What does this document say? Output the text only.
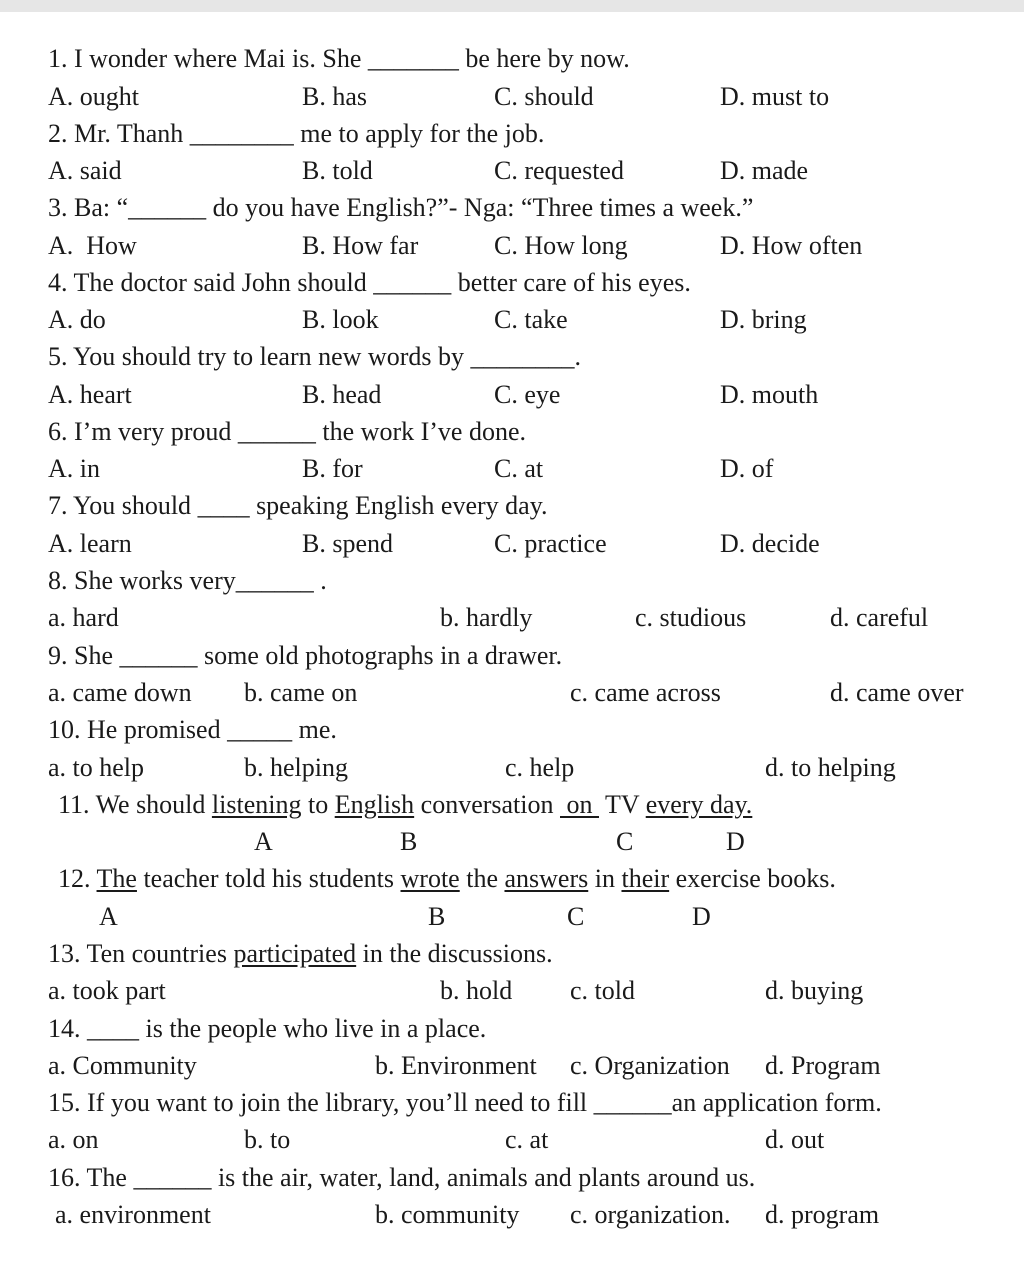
1. I wonder where Mai is. She _______ be here by now.
A. ought	B. has	C. should	D. must to
2. Mr. Thanh ________ me to apply for the job.
A. said	B. told	C. requested	D. made
3. Ba: “______ do you have English?”- Nga: “Three times a week.”
A.  How	B. How far	C. How long	D. How often
4. The doctor said John should ______ better care of his eyes.
A. do	B. look	C. take	D. bring
5. You should try to learn new words by ________.
A. heart	B. head	C. eye	D. mouth
6. I’m very proud ______ the work I’ve done.
A. in	B. for	C. at	D. of
7. You should ____ speaking English every day.
A. learn	B. spend	C. practice	D. decide
8. She works very______ .
a. hard	b. hardly	c. studious	d. careful
9. She ______ some old photographs in a drawer.
a. came down b. came on	c. came across	d. came over
10. He promised _____ me.
a. to help	b. helping	c. help	d. to helping
11. We should listening to English conversation  on  TV every day.
A	B	C	D
12. The teacher told his students wrote the answers in their exercise books.
A	B	C	D
13. Ten countries participated in the discussions.
a. took part	b. hold c. told	d. buying
14. ____ is the people who live in a place.
a. Community	b. Environment c. Organization d. Program
15. If you want to join the library, you’ll need to fill ______an application form.
a. on	b. to	c. at	d. out
16. The ______ is the air, water, land, animals and plants around us.
a. environment	b. community c. organization. d. program
